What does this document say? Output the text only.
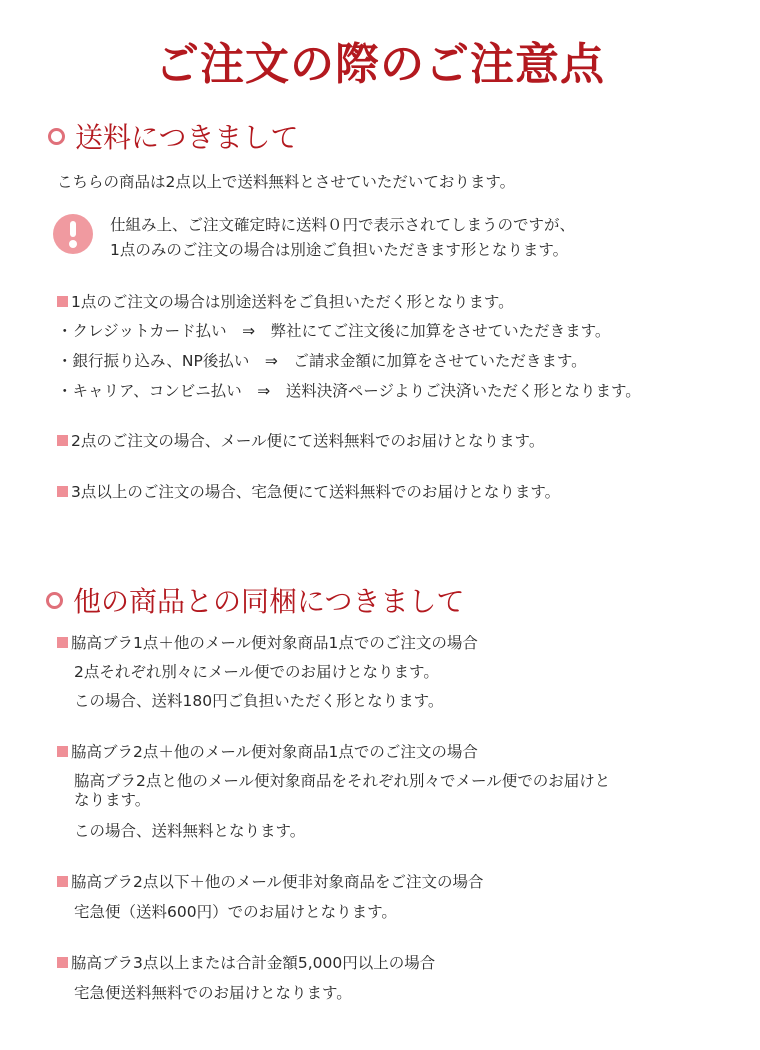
ご注文の際のご注意点
送料につきまして
こちらの商品は2点以上で送料無料とさせていただいております。
仕組み上、ご注文確定時に送料０円で表示されてしまうのですが、
1点のみのご注文の場合は別途ご負担いただきます形となります。
1点のご注文の場合は別途送料をご負担いただく形となります。
・クレジットカード払い　⇒　弊社にてご注文後に加算をさせていただきます。
・銀行振り込み、NP後払い　⇒　ご請求金額に加算をさせていただきます。
・キャリア、コンビニ払い　⇒　送料決済ページよりご決済いただく形となります。
2点のご注文の場合、メール便にて送料無料でのお届けとなります。
3点以上のご注文の場合、宅急便にて送料無料でのお届けとなります。
他の商品との同梱につきまして
脇高ブラ1点＋他のメール便対象商品1点でのご注文の場合
2点それぞれ別々にメール便でのお届けとなります。
この場合、送料180円ご負担いただく形となります。
脇高ブラ2点＋他のメール便対象商品1点でのご注文の場合
脇高ブラ2点と他のメール便対象商品をそれぞれ別々でメール便でのお届けと
なります。
この場合、送料無料となります。
脇高ブラ2点以下＋他のメール便非対象商品をご注文の場合
宅急便（送料600円）でのお届けとなります。
脇高ブラ3点以上または合計金額5,000円以上の場合
宅急便送料無料でのお届けとなります。
